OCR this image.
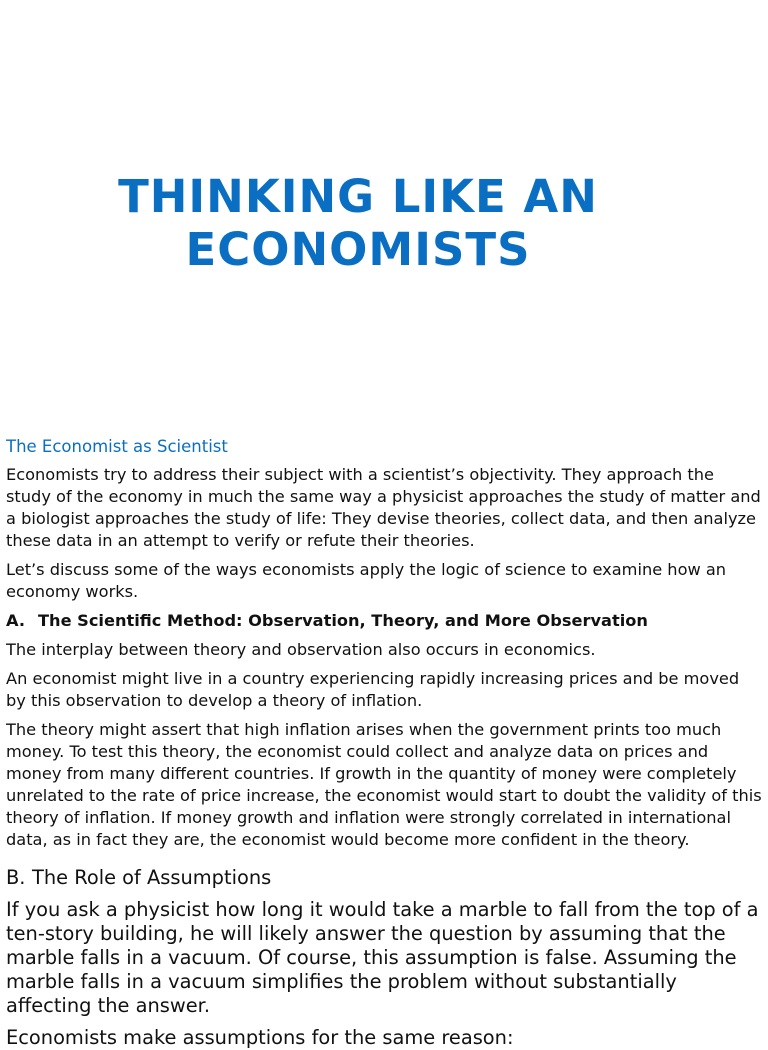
THINKING LIKE AN
ECONOMISTS
The Economist as Scientist

Economists try to address their subject with a scientist’s objectivity. They approach the study of the economy in much the same way a physicist approaches the study of matter and a biologist approaches the study of life: They devise theories, collect data, and then analyze these data in an attempt to verify or refute their theories.

Let’s discuss some of the ways economists apply the logic of science to examine how an economy works.

A. The Scientific Method: Observation, Theory, and More Observation

The interplay between theory and observation also occurs in economics.

An economist might live in a country experiencing rapidly increasing prices and be moved by this observation to develop a theory of inflation.

The theory might assert that high inflation arises when the government prints too much money. To test this theory, the economist could collect and analyze data on prices and money from many different countries. If growth in the quantity of money were completely unrelated to the rate of price increase, the economist would start to doubt the validity of this theory of inflation. If money growth and inflation were strongly correlated in international data, as in fact they are, the economist would become more confident in the theory.

B. The Role of Assumptions

If you ask a physicist how long it would take a marble to fall from the top of a ten-story building, he will likely answer the question by assuming that the marble falls in a vacuum. Of course, this assumption is false. Assuming the marble falls in a vacuum simplifies the problem without substantially affecting the answer.

Economists make assumptions for the same reason:
